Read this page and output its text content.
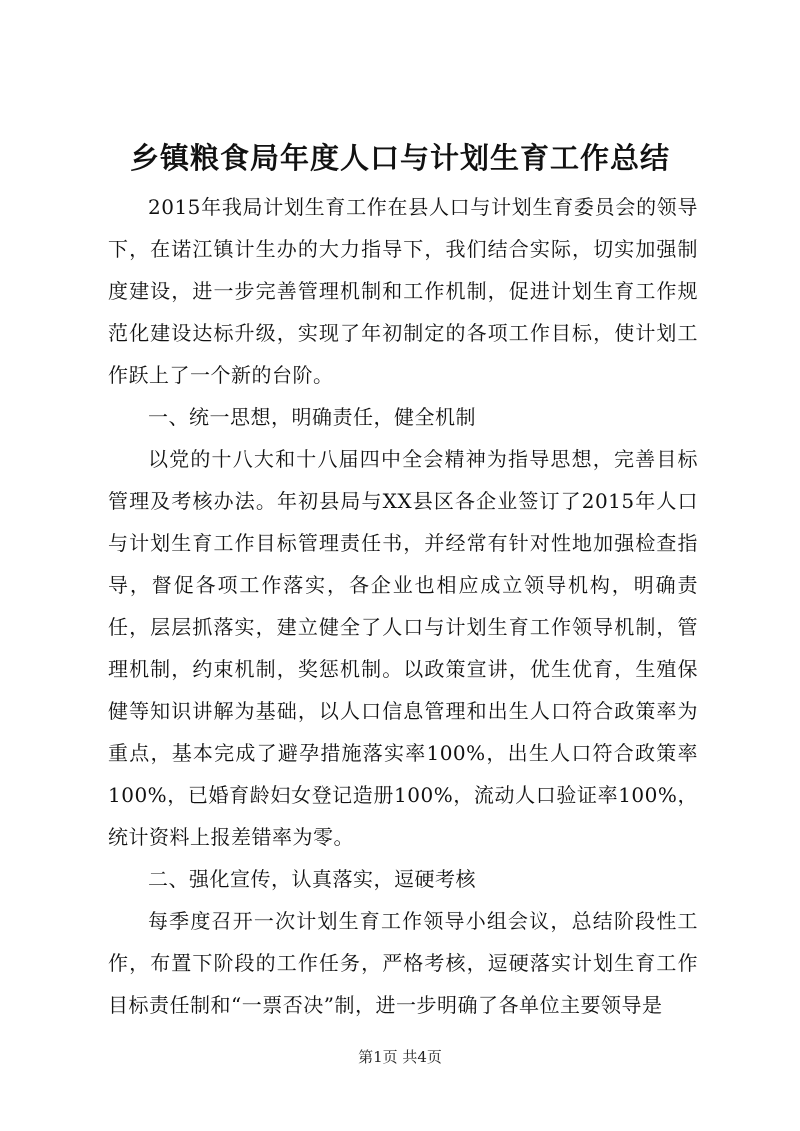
乡镇粮食局年度人口与计划生育工作总结

2015年我局计划生育工作在县人口与计划生育委员会的领导下，在诺江镇计生办的大力指导下，我们结合实际，切实加强制度建设，进一步完善管理机制和工作机制，促进计划生育工作规范化建设达标升级，实现了年初制定的各项工作目标，使计划工作跃上了一个新的台阶。

一、统一思想，明确责任，健全机制

以党的十八大和十八届四中全会精神为指导思想，完善目标管理及考核办法。年初县局与XX县区各企业签订了2015年人口与计划生育工作目标管理责任书，并经常有针对性地加强检查指导，督促各项工作落实，各企业也相应成立领导机构，明确责任，层层抓落实，建立健全了人口与计划生育工作领导机制，管理机制，约束机制，奖惩机制。以政策宣讲，优生优育，生殖保健等知识讲解为基础，以人口信息管理和出生人口符合政策率为重点，基本完成了避孕措施落实率100%，出生人口符合政策率100%，已婚育龄妇女登记造册100%，流动人口验证率100%，统计资料上报差错率为零。

二、强化宣传，认真落实，逗硬考核

每季度召开一次计划生育工作领导小组会议，总结阶段性工作，布置下阶段的工作任务，严格考核，逗硬落实计划生育工作目标责任制和“一票否决”制，进一步明确了各单位主要领导是

第1页 共4页
